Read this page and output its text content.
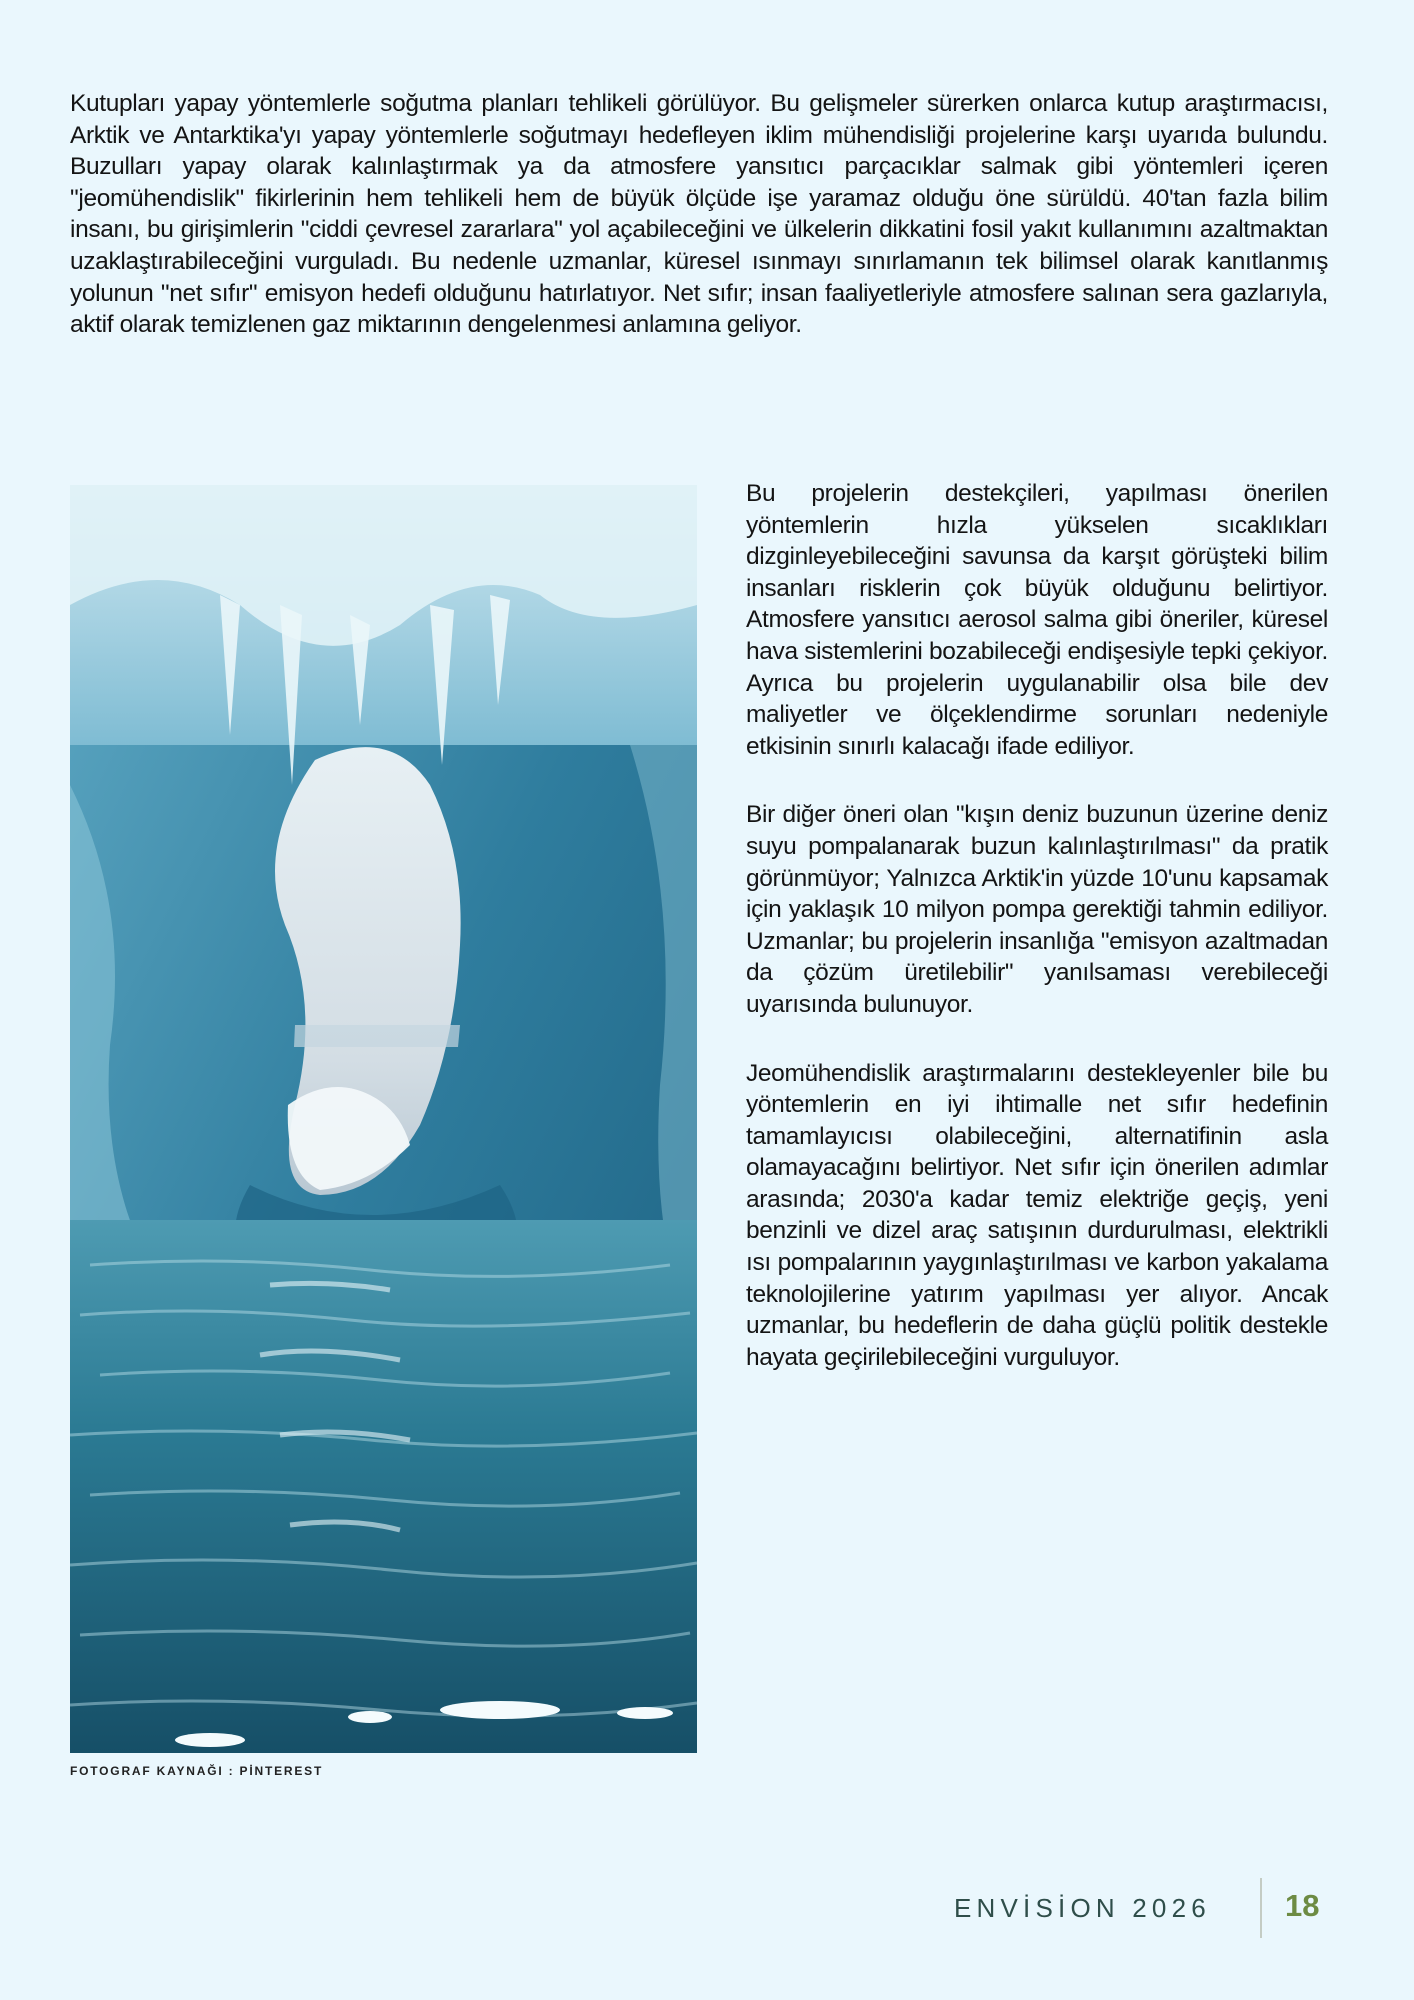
Kutupları yapay yöntemlerle soğutma planları tehlikeli görülüyor. Bu gelişmeler sürerken onlarca kutup araştırmacısı, Arktik ve Antarktika'yı yapay yöntemlerle soğutmayı hedefleyen iklim mühendisliği projelerine karşı uyarıda bulundu. Buzulları yapay olarak kalınlaştırmak ya da atmosfere yansıtıcı parçacıklar salmak gibi yöntemleri içeren "jeomühendislik" fikirlerinin hem tehlikeli hem de büyük ölçüde işe yaramaz olduğu öne sürüldü. 40'tan fazla bilim insanı, bu girişimlerin "ciddi çevresel zararlara" yol açabileceğini ve ülkelerin dikkatini fosil yakıt kullanımını azaltmaktan uzaklaştırabileceğini vurguladı. Bu nedenle uzmanlar, küresel ısınmayı sınırlamanın tek bilimsel olarak kanıtlanmış yolunun "net sıfır" emisyon hedefi olduğunu hatırlatıyor. Net sıfır; insan faaliyetleriyle atmosfere salınan sera gazlarıyla, aktif olarak temizlenen gaz miktarının dengelenmesi anlamına geliyor.

FOTOGRAF KAYNAĞI : PİNTEREST

Bu projelerin destekçileri, yapılması önerilen yöntemlerin hızla yükselen sıcaklıkları dizginleyebileceğini savunsa da karşıt görüşteki bilim insanları risklerin çok büyük olduğunu belirtiyor. Atmosfere yansıtıcı aerosol salma gibi öneriler, küresel hava sistemlerini bozabileceği endişesiyle tepki çekiyor. Ayrıca bu projelerin uygulanabilir olsa bile dev maliyetler ve ölçeklendirme sorunları nedeniyle etkisinin sınırlı kalacağı ifade ediliyor.

Bir diğer öneri olan "kışın deniz buzunun üzerine deniz suyu pompalanarak buzun kalınlaştırılması" da pratik görünmüyor; Yalnızca Arktik'in yüzde 10'unu kapsamak için yaklaşık 10 milyon pompa gerektiği tahmin ediliyor. Uzmanlar; bu projelerin insanlığa "emisyon azaltmadan da çözüm üretilebilir" yanılsaması verebileceği uyarısında bulunuyor.

Jeomühendislik araştırmalarını destekleyenler bile bu yöntemlerin en iyi ihtimalle net sıfır hedefinin tamamlayıcısı olabileceğini, alternatifinin asla olamayacağını belirtiyor. Net sıfır için önerilen adımlar arasında; 2030'a kadar temiz elektriğe geçiş, yeni benzinli ve dizel araç satışının durdurulması, elektrikli ısı pompalarının yaygınlaştırılması ve karbon yakalama teknolojilerine yatırım yapılması yer alıyor. Ancak uzmanlar, bu hedeflerin de daha güçlü politik destekle hayata geçirilebileceğini vurguluyor.

ENVİSİON 2026 18
